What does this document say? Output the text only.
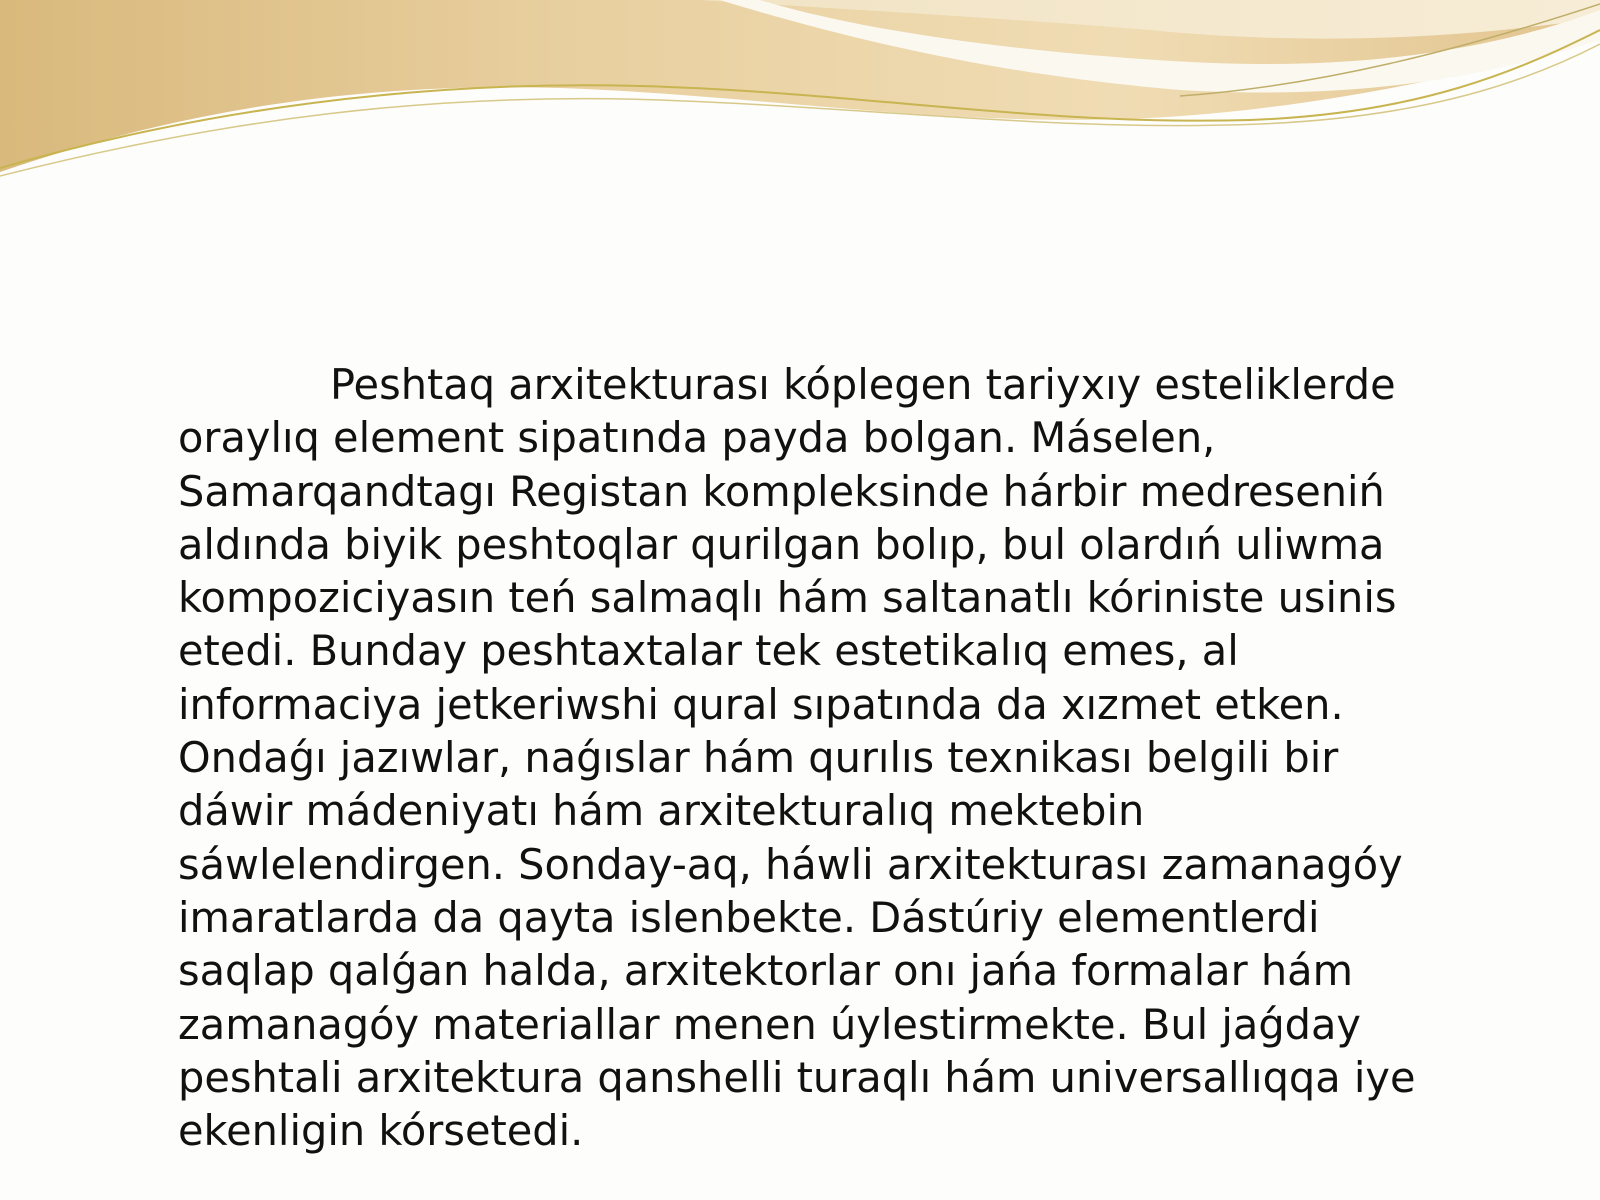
Peshtaq arxitekturası kóplegen tariyxıy esteliklerde
oraylıq element sipatında payda bolgan. Máselen,
Samarqandtagı Registan kompleksinde hárbir medreseniń
aldında biyik peshtoqlar qurilgan bolıp, bul olardıń uliwma
kompoziciyasın teń salmaqlı hám saltanatlı kóriniste usinis
etedi. Bunday peshtaxtalar tek estetikalıq emes, al
informaciya jetkeriwshi qural sıpatında da xızmet etken.
Ondaǵı jazıwlar, naǵıslar hám qurılıs texnikası belgili bir
dáwir mádeniyatı hám arxitekturalıq mektebin
sáwlelendirgen. Sonday-aq, háwli arxitekturası zamanagóy
imaratlarda da qayta islenbekte. Dástúriy elementlerdi
saqlap qalǵan halda, arxitektorlar onı jańa formalar hám
zamanagóy materiallar menen úylestirmekte. Bul jaǵday
peshtali arxitektura qanshelli turaqlı hám universallıqqa iye
ekenligin kórsetedi.
